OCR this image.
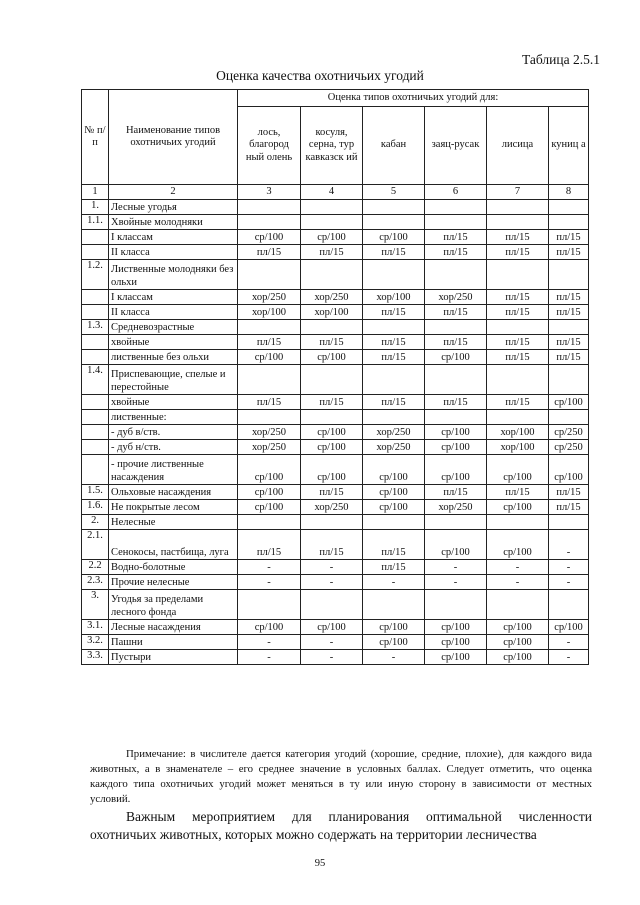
Таблица 2.5.1
Оценка качества охотничьих угодий
№ п/п	Наименование типов охотничьих угодий	Оценка типов охотничьих угодий для:					
		лось, благород ный олень	косуля, серна, тур кавказск ий	кабан	заяц-русак	лисица	куниц а
1	2	3	4	5	6	7	8
1.	Лесные угодья						
1.1.	Хвойные молодняки						
	I классам	ср/100	ср/100	ср/100	пл/15	пл/15	пл/15
	II класса	пл/15	пл/15	пл/15	пл/15	пл/15	пл/15
1.2.	Лиственные молодняки без ольхи						
	I классам	хор/250	хор/250	хор/100	хор/250	пл/15	пл/15
	II класса	хор/100	хор/100	пл/15	пл/15	пл/15	пл/15
1.3.	Средневозрастные						
	хвойные	пл/15	пл/15	пл/15	пл/15	пл/15	пл/15
	лиственные без ольхи	ср/100	ср/100	пл/15	ср/100	пл/15	пл/15
1.4.	Приспевающие, спелые и перестойные						
	хвойные	пл/15	пл/15	пл/15	пл/15	пл/15	ср/100
	лиственные:						
	- дуб в/ств.	хор/250	ср/100	хор/250	ср/100	хор/100	ср/250
	- дуб н/ств.	хор/250	ср/100	хор/250	ср/100	хор/100	ср/250
	- прочие лиственные насаждения	ср/100	ср/100	ср/100	ср/100	ср/100	ср/100
1.5.	Ольховые насаждения	ср/100	пл/15	ср/100	пл/15	пл/15	пл/15
1.6.	Не покрытые лесом	ср/100	хор/250	ср/100	хор/250	ср/100	пл/15
2.	Нелесные						
2.1.	Сенокосы, пастбища, луга	пл/15	пл/15	пл/15	ср/100	ср/100	-
2.2	Водно-болотные	-	-	пл/15	-	-	-
2.3.	Прочие нелесные	-	-	-	-	-	-
3.	Угодья за пределами лесного фонда						
3.1.	Лесные насаждения	ср/100	ср/100	ср/100	ср/100	ср/100	ср/100
3.2.	Пашни	-	-	ср/100	ср/100	ср/100	-
3.3.	Пустыри	-	-	-	ср/100	ср/100	-
Примечание: в числителе дается категория угодий (хорошие, средние, плохие), для каждого вида животных, а в знаменателе – его среднее значение в условных баллах. Следует отметить, что оценка каждого типа охотничьих угодий может меняться в ту или иную сторону в зависимости от местных условий.
Важным мероприятием для планирования оптимальной численности охотничьих животных, которых можно содержать на территории лесничества
95
